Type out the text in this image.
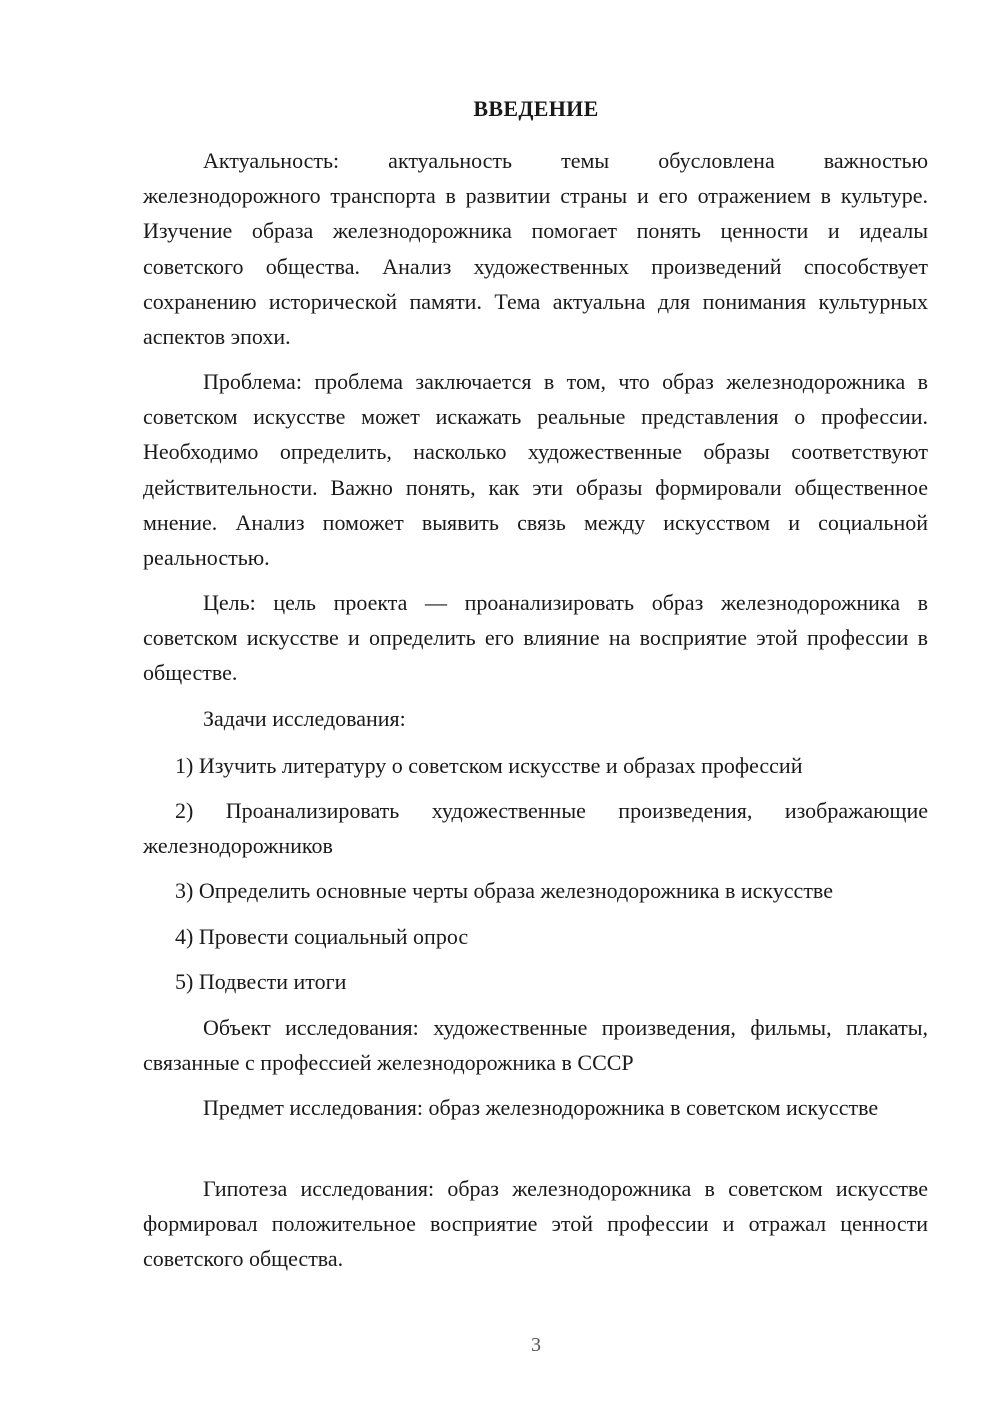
ВВЕДЕНИЕ

Актуальность: актуальность темы обусловлена важностью железнодорожного транспорта в развитии страны и его отражением в культуре. Изучение образа железнодорожника помогает понять ценности и идеалы советского общества. Анализ художественных произведений способствует сохранению исторической памяти. Тема актуальна для понимания культурных аспектов эпохи.

Проблема: проблема заключается в том, что образ железнодорожника в советском искусстве может искажать реальные представления о профессии. Необходимо определить, насколько художественные образы соответствуют действительности. Важно понять, как эти образы формировали общественное мнение. Анализ поможет выявить связь между искусством и социальной реальностью.

Цель: цель проекта — проанализировать образ железнодорожника в советском искусстве и определить его влияние на восприятие этой профессии в обществе.

Задачи исследования:

1) Изучить литературу о советском искусстве и образах профессий

2) Проанализировать художественные произведения, изображающие железнодорожников

3) Определить основные черты образа железнодорожника в искусстве

4) Провести социальный опрос

5) Подвести итоги

Объект исследования: художественные произведения, фильмы, плакаты, связанные с профессией железнодорожника в СССР

Предмет исследования: образ железнодорожника в советском искусстве

Гипотеза исследования: образ железнодорожника в советском искусстве формировал положительное восприятие этой профессии и отражал ценности советского общества.

3
